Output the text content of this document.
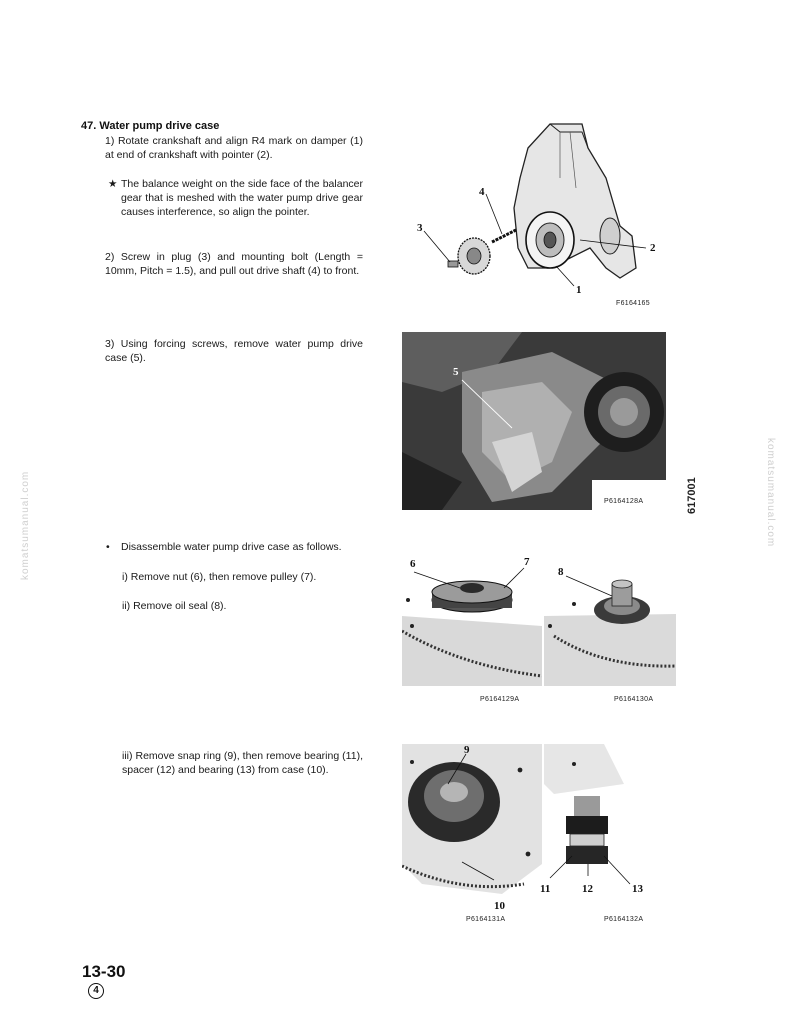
47. Water pump drive case
1) Rotate crankshaft and align R4 mark on damper (1) at end of crankshaft with pointer (2).
★ The balance weight on the side face of the balancer gear that is meshed with the water pump drive gear causes interference, so align the pointer.
2) Screw in plug (3) and mounting bolt (Length = 10mm, Pitch = 1.5), and pull out drive shaft (4) to front.
3) Using forcing screws, remove water pump drive case (5).
• Disassemble water pump drive case as follows.
i) Remove nut (6), then remove pulley (7).
ii) Remove oil seal (8).
iii) Remove snap ring (9), then remove bearing (11), spacer (12) and bearing (13) from case (10).
3
4
2
1
F6164165
5
P6164128A
6	7
P6164129A
8
P6164130A
9
10
P6164131A
11	12	13
P6164132A
617001
komatsumanual.com	komatsumanual.com
13-30
4
